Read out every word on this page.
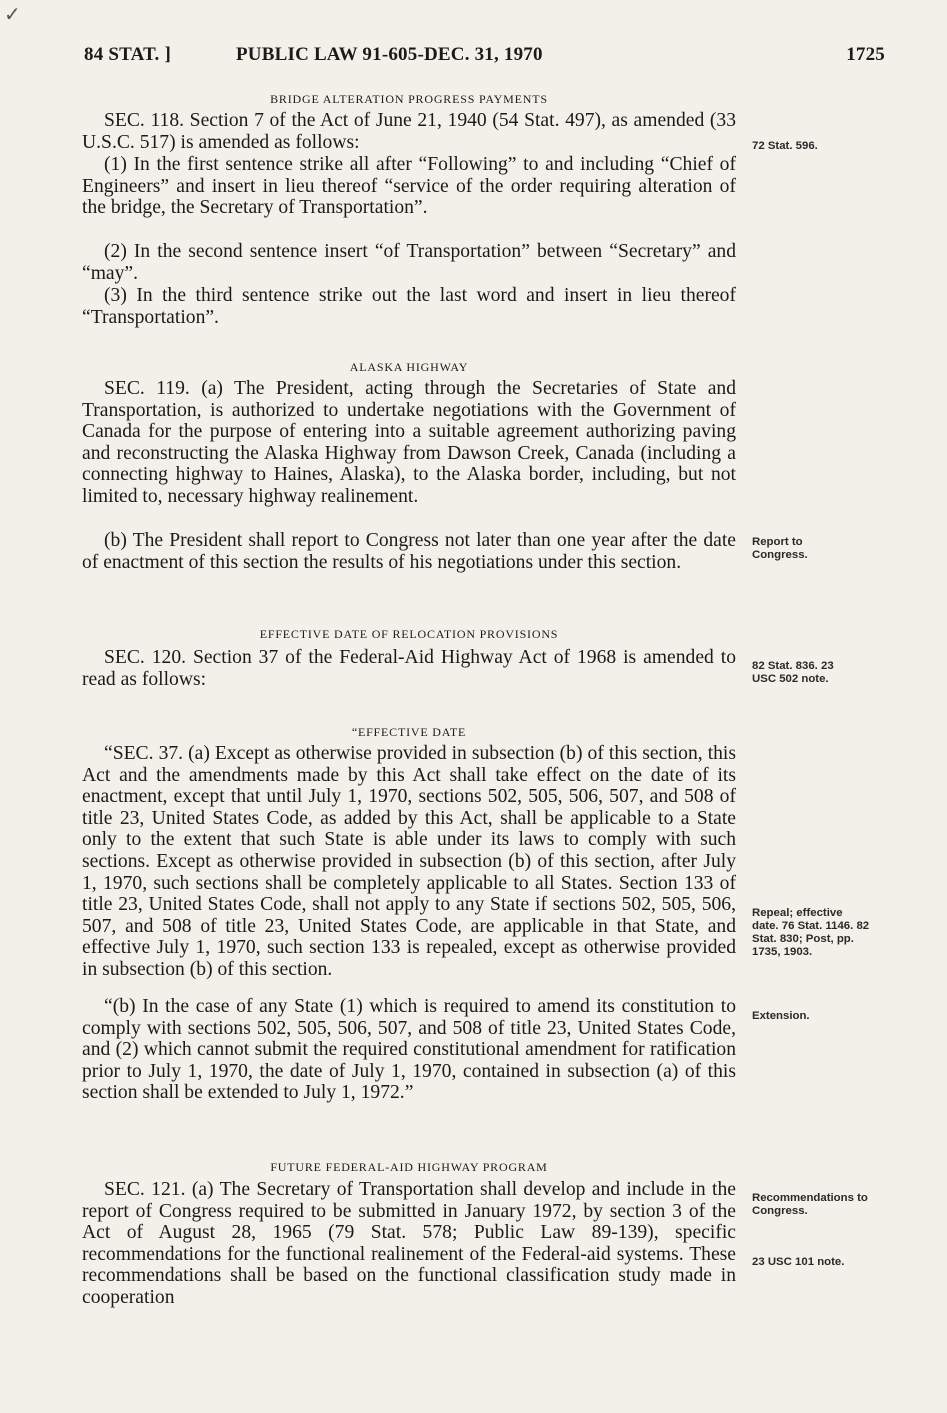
✓
84 STAT. ]	PUBLIC LAW 91-605-DEC. 31, 1970	1725
BRIDGE ALTERATION PROGRESS PAYMENTS

SEC. 118. Section 7 of the Act of June 21, 1940 (54 Stat. 497), as amended (33 U.S.C. 517) is amended as follows:

(1) In the first sentence strike all after “Following” to and including “Chief of Engineers” and insert in lieu thereof “service of the order requiring alteration of the bridge, the Secretary of Transportation”.

(2) In the second sentence insert “of Transportation” between “Secretary” and “may”.

(3) In the third sentence strike out the last word and insert in lieu thereof “Transportation”.

ALASKA HIGHWAY

SEC. 119. (a) The President, acting through the Secretaries of State and Transportation, is authorized to undertake negotiations with the Government of Canada for the purpose of entering into a suitable agreement authorizing paving and reconstructing the Alaska Highway from Dawson Creek, Canada (including a connecting highway to Haines, Alaska), to the Alaska border, including, but not limited to, necessary highway realinement.

(b) The President shall report to Congress not later than one year after the date of enactment of this section the results of his negotiations under this section.

EFFECTIVE DATE OF RELOCATION PROVISIONS

SEC. 120. Section 37 of the Federal-Aid Highway Act of 1968 is amended to read as follows:

“EFFECTIVE DATE

“SEC. 37. (a) Except as otherwise provided in subsection (b) of this section, this Act and the amendments made by this Act shall take effect on the date of its enactment, except that until July 1, 1970, sections 502, 505, 506, 507, and 508 of title 23, United States Code, as added by this Act, shall be applicable to a State only to the extent that such State is able under its laws to comply with such sections. Except as otherwise provided in subsection (b) of this section, after July 1, 1970, such sections shall be completely applicable to all States. Section 133 of title 23, United States Code, shall not apply to any State if sections 502, 505, 506, 507, and 508 of title 23, United States Code, are applicable in that State, and effective July 1, 1970, such section 133 is repealed, except as otherwise provided in subsection (b) of this section.

“(b) In the case of any State (1) which is required to amend its constitution to comply with sections 502, 505, 506, 507, and 508 of title 23, United States Code, and (2) which cannot submit the required constitutional amendment for ratification prior to July 1, 1970, the date of July 1, 1970, contained in subsection (a) of this section shall be extended to July 1, 1972.”

FUTURE FEDERAL-AID HIGHWAY PROGRAM

SEC. 121. (a) The Secretary of Transportation shall develop and include in the report of Congress required to be submitted in January 1972, by section 3 of the Act of August 28, 1965 (79 Stat. 578; Public Law 89-139), specific recommendations for the functional realinement of the Federal-aid systems. These recommendations shall be based on the functional classification study made in cooperation

72 Stat. 596.
Report to Congress.
82 Stat. 836. 23 USC 502 note.
Repeal; effective date. 76 Stat. 1146. 82 Stat. 830; Post, pp. 1735, 1903.
Extension.
Recommendations to Congress.
23 USC 101 note.
